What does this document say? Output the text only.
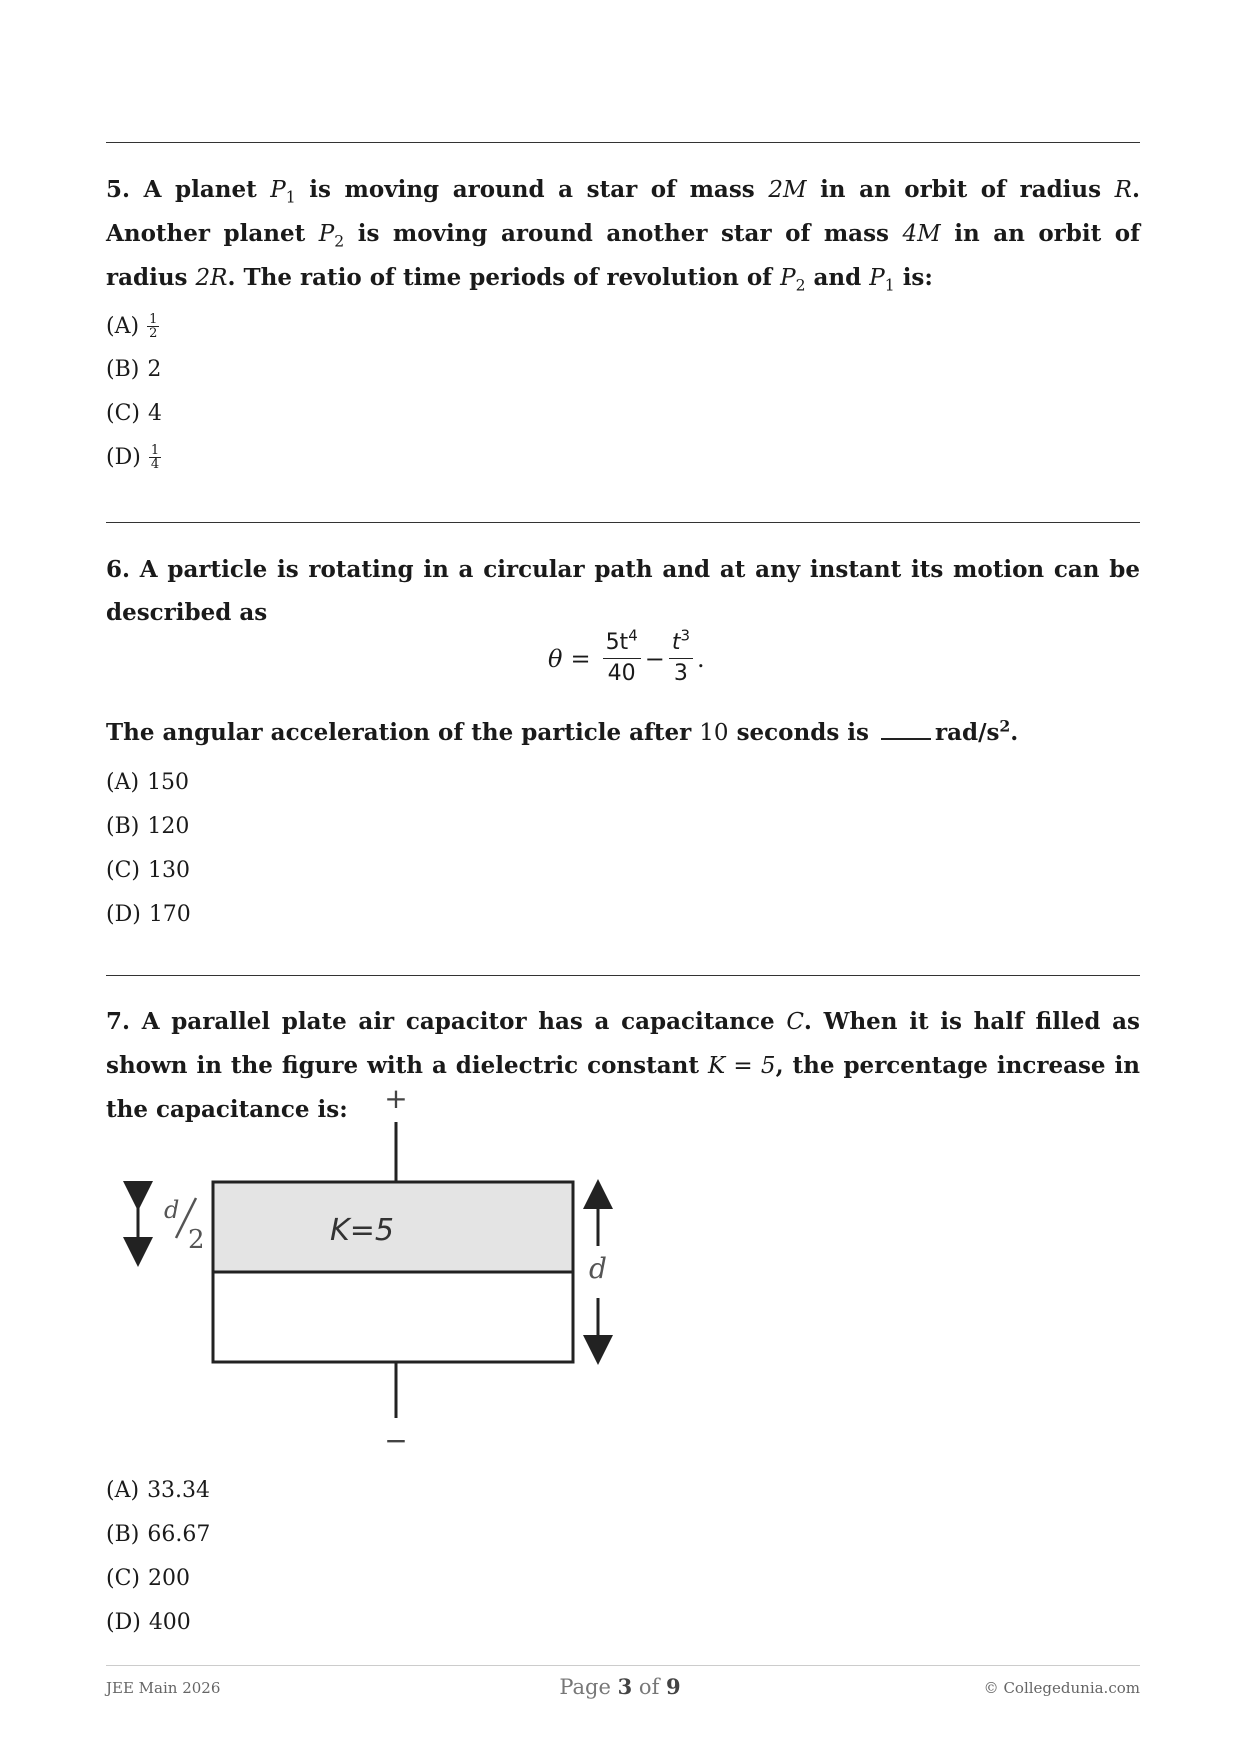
5. A planet $P_1$ is moving around a star of mass 2M in an orbit of radius R. Another planet $P_2$ is moving around another star of mass 4M in an orbit of radius 2R. The ratio of time periods of revolution of $P_2$ and $P_1$ is:
$(A) \frac{1}{2}$
(B) 2
(C) 4
$(D) \frac{1}{4}$
6. A particle is rotating in a circular path and at any instant its motion can be described as
$\theta = \frac{5t^4}{40} - \frac{t^3}{3}$ .
The angular acceleration of the particle after 10 seconds is	rad/$s^2$.
(A) 150
(B) 120
(C) 130
(D) 170
7. A parallel plate air capacitor has a capacitance C. When it is half filled as shown in the figure with a dielectric constant K = 5, the percentage increase in the capacitance is:	+
K=5
−
d
2
d
(A) 33.34
(B) 66.67
(C) 200
(D) 400
JEE Main 2026	Page 3 of 9	© Collegedunia.com
